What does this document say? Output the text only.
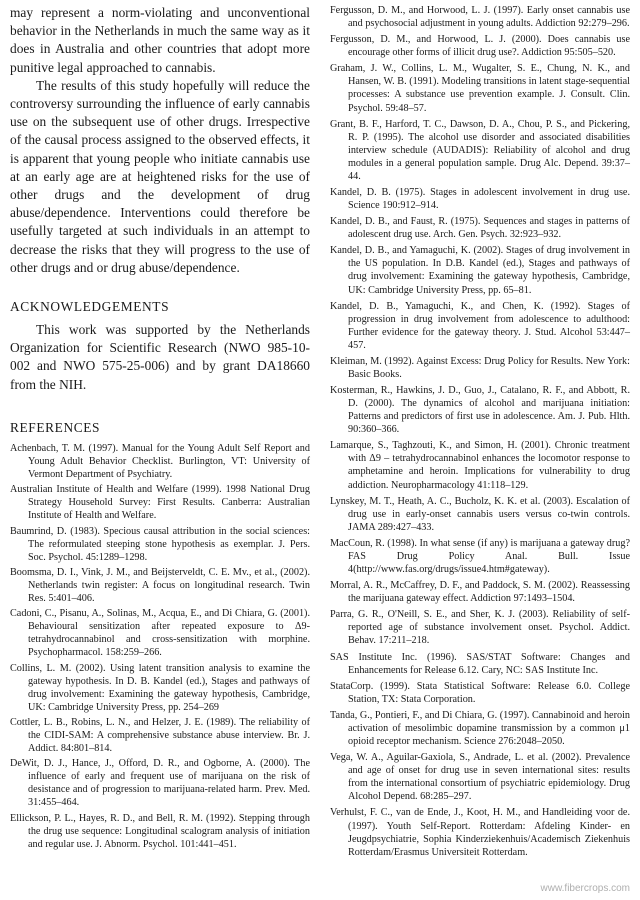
may represent a norm-violating and unconventional behavior in the Netherlands in much the same way as it does in Australia and other countries that adopt more punitive legal approached to cannabis.

The results of this study hopefully will reduce the controversy surrounding the influence of early cannabis use on the subsequent use of other drugs. Irrespective of the causal process assigned to the observed effects, it is apparent that young people who initiate cannabis use at an early age are at heightened risks for the use of other drugs and the development of drug abuse/dependence. Interventions could therefore be usefully targeted at such individuals in an attempt to decrease the risks that they will progress to the use of other drugs and or drug abuse/dependence.

ACKNOWLEDGEMENTS

This work was supported by the Netherlands Organization for Scientific Research (NWO 985-10-002 and NWO 575-25-006) and by grant DA18660 from the NIH.

REFERENCES

Achenbach, T. M. (1997). Manual for the Young Adult Self Report and Young Adult Behavior Checklist. Burlington, VT: University of Vermont Department of Psychiatry.

Australian Institute of Health and Welfare (1999). 1998 National Drug Strategy Household Survey: First Results. Canberra: Australian Institute of Health and Welfare.

Baumrind, D. (1983). Specious causal attribution in the social sciences: The reformulated steeping stone hypothesis as exemplar. J. Pers. Soc. Psychol. 45:1289–1298.

Boomsma, D. I., Vink, J. M., and Beijsterveldt, C. E. Mv., et al., (2002). Netherlands twin register: A focus on longitudinal research. Twin Res. 5:401–406.

Cadoni, C., Pisanu, A., Solinas, M., Acqua, E., and Di Chiara, G. (2001). Behavioural sensitization after repeated exposure to Δ9-tetrahydrocannabinol and cross-sensitization with morphine. Psychopharmacol. 158:259–266.

Collins, L. M. (2002). Using latent transition analysis to examine the gateway hypothesis. In D. B. Kandel (ed.), Stages and pathways of drug involvement: Examining the gateway hypothesis, Cambridge, UK: Cambridge University Press, pp. 254–269

Cottler, L. B., Robins, L. N., and Helzer, J. E. (1989). The reliability of the CIDI-SAM: A comprehensive substance abuse interview. Br. J. Addict. 84:801–814.

DeWit, D. J., Hance, J., Offord, D. R., and Ogborne, A. (2000). The influence of early and frequent use of marijuana on the risk of desistance and of progression to marijuana-related harm. Prev. Med. 31:455–464.

Ellickson, P. L., Hayes, R. D., and Bell, R. M. (1992). Stepping through the drug use sequence: Longitudinal scalogram analysis of initiation and regular use. J. Abnorm. Psychol. 101:441–451.

Fergusson, D. M., and Horwood, L. J. (1997). Early onset cannabis use and psychosocial adjustment in young adults. Addiction 92:279–296.

Fergusson, D. M., and Horwood, L. J. (2000). Does cannabis use encourage other forms of illicit drug use?. Addiction 95:505–520.

Graham, J. W., Collins, L. M., Wugalter, S. E., Chung, N. K., and Hansen, W. B. (1991). Modeling transitions in latent stage-sequential processes: A substance use prevention example. J. Consult. Clin. Psychol. 59:48–57.

Grant, B. F., Harford, T. C., Dawson, D. A., Chou, P. S., and Pickering, R. P. (1995). The alcohol use disorder and associated disabilities interview schedule (AUDADIS): Reliability of alcohol and drug modules in a general population sample. Drug Alc. Depend. 39:37–44.

Kandel, D. B. (1975). Stages in adolescent involvement in drug use. Science 190:912–914.

Kandel, D. B., and Faust, R. (1975). Sequences and stages in patterns of adolescent drug use. Arch. Gen. Psych. 32:923–932.

Kandel, D. B., and Yamaguchi, K. (2002). Stages of drug involvement in the US population. In D.B. Kandel (ed.), Stages and pathways of drug involvement: Examining the gateway hypothesis, Cambridge, UK: Cambridge University Press, pp. 65–81.

Kandel, D. B., Yamaguchi, K., and Chen, K. (1992). Stages of progression in drug involvement from adolescence to adulthood: Further evidence for the gateway theory. J. Stud. Alcohol 53:447–457.

Kleiman, M. (1992). Against Excess: Drug Policy for Results. New York: Basic Books.

Kosterman, R., Hawkins, J. D., Guo, J., Catalano, R. F., and Abbott, R. D. (2000). The dynamics of alcohol and marijuana initiation: Patterns and predictors of first use in adolescence. Am. J. Pub. Hlth. 90:360–366.

Lamarque, S., Taghzouti, K., and Simon, H. (2001). Chronic treatment with Δ9 – tetrahydrocannabinol enhances the locomotor response to amphetamine and heroin. Implications for vulnerability to drug addiction. Neuropharmacology 41:118–129.

Lynskey, M. T., Heath, A. C., Bucholz, K. K. et al. (2003). Escalation of drug use in early-onset cannabis users versus co-twin controls. JAMA 289:427–433.

MacCoun, R. (1998). In what sense (if any) is marijuana a gateway drug? FAS Drug Policy Anal. Bull. Issue 4(http://www.fas.org/drugs/issue4.htm#gateway).

Morral, A. R., McCaffrey, D. F., and Paddock, S. M. (2002). Reassessing the marijuana gateway effect. Addiction 97:1493–1504.

Parra, G. R., O'Neill, S. E., and Sher, K. J. (2003). Reliability of self-reported age of substance involvement onset. Psychol. Addict. Behav. 17:211–218.

SAS Institute Inc. (1996). SAS/STAT Software: Changes and Enhancements for Release 6.12. Cary, NC: SAS Institute Inc.

StataCorp. (1999). Stata Statistical Software: Release 6.0. College Station, TX: Stata Corporation.

Tanda, G., Pontieri, F., and Di Chiara, G. (1997). Cannabinoid and heroin activation of mesolimbic dopamine transmission by a common μ1 opioid receptor mechanism. Science 276:2048–2050.

Vega, W. A., Aguilar-Gaxiola, S., Andrade, L. et al. (2002). Prevalence and age of onset for drug use in seven international sites: results from the international consortium of psychiatric epidemiology. Drug Alcohol Depend. 68:285–297.

Verhulst, F. C., van de Ende, J., Koot, H. M., and Handleiding voor de. (1997). Youth Self-Report. Rotterdam: Afdeling Kinder- en Jeugdpsychiatrie, Sophia Kinderziekenhuis/Academisch Ziekenhuis Rotterdam/Erasmus Universiteit Rotterdam.

www.fibercrops.com
